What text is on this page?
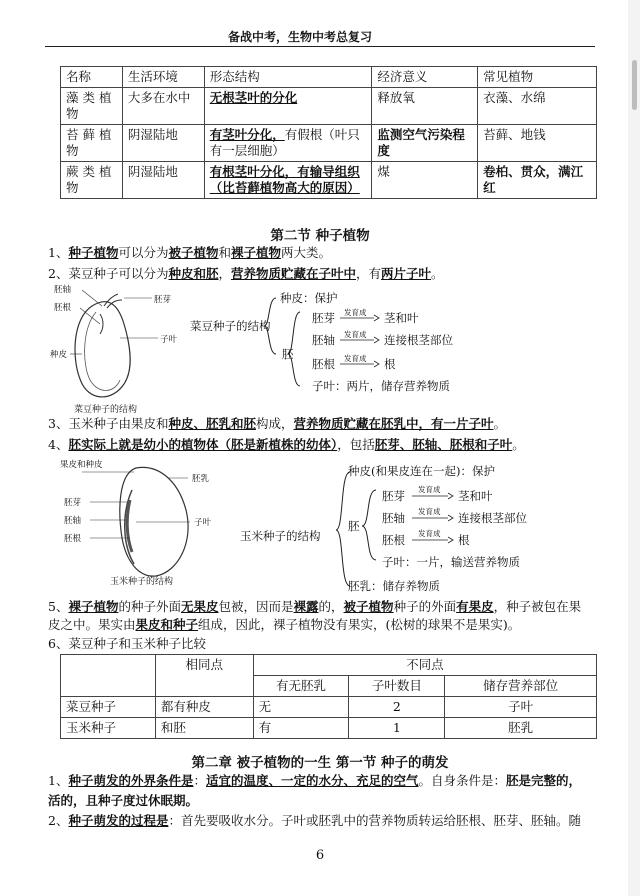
备战中考，生物中考总复习
名称	生活环境	形态结构	经济意义	常见植物
藻 类 植 物	大多在水中	无根茎叶的分化	释放氧	衣藻、水绵
苔 藓 植 物	阴湿陆地	有茎叶分化，有假根（叶只有一层细胞）	监测空气污染程度	苔藓、地钱
蕨 类 植 物	阴湿陆地	有根茎叶分化，有输导组织（比苔藓植物高大的原因）	煤	卷柏、贯众，满江红
第二节 种子植物
1、种子植物可以分为被子植物和裸子植物两大类。
2、菜豆种子可以分为种皮和胚，营养物质贮藏在子叶中，有两片子叶。
胚轴
胚根
胚芽
子叶
种皮
菜豆种子的结构
菜豆种子的结构
种皮：保护
胚
胚芽 发育成 茎和叶
胚轴 发育成 连接根茎部位
胚根 发育成 根
子叶：两片，储存营养物质
3、玉米种子由果皮和种皮、胚乳和胚构成，营养物质贮藏在胚乳中，有一片子叶。
4、胚实际上就是幼小的植物体（胚是新植株的幼体），包括胚芽、胚轴、胚根和子叶。
果皮和种皮
胚乳
胚芽
胚轴
胚根
子叶
玉米种子的结构
玉米种子的结构
种皮(和果皮连在一起)：保护
胚
胚芽 发育成 茎和叶
胚轴 发育成 连接根茎部位
胚根 发育成 根
子叶：一片，输送营养物质
胚乳：储存养物质
5、裸子植物的种子外面无果皮包被，因而是裸露的，被子植物种子的外面有果皮，种子被包在果
皮之中。果实由果皮和种子组成，因此，裸子植物没有果实，(松树的球果不是果实)。
6、菜豆种子和玉米种子比较
	相同点	不同点		
		有无胚乳	子叶数目	储存营养部位
菜豆种子	都有种皮	无	2	子叶
玉米种子	和胚	有	1	胚乳
第二章 被子植物的一生 第一节 种子的萌发
1、种子萌发的外界条件是：适宜的温度、一定的水分、充足的空气。自身条件是：胚是完整的，
活的，且种子度过休眠期。
2、种子萌发的过程是：首先要吸收水分。子叶或胚乳中的营养物质转运给胚根、胚芽、胚轴。随
6
